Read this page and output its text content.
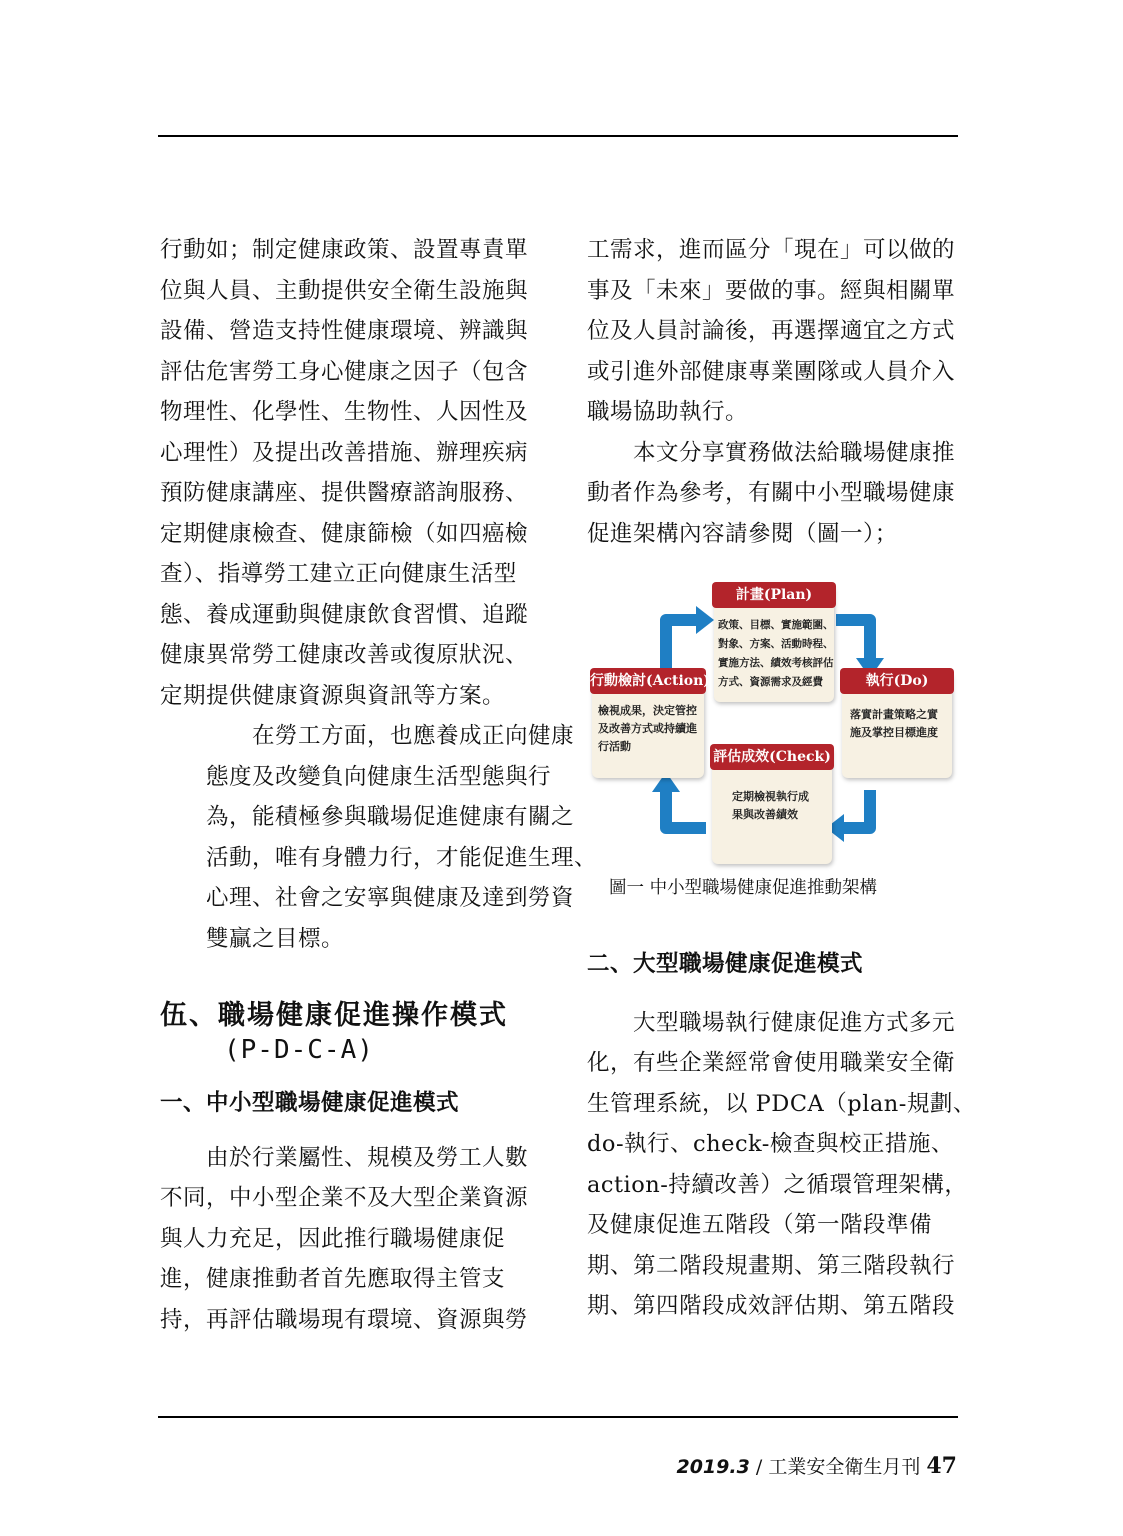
行動如；制定健康政策、設置專責單
位與人員、主動提供安全衛生設施與
設備、營造支持性健康環境、辨識與
評估危害勞工身心健康之因子（包含
物理性、化學性、生物性、人因性及
心理性）及提出改善措施、辦理疾病
預防健康講座、提供醫療諮詢服務、
定期健康檢查、健康篩檢（如四癌檢
查）、指導勞工建立正向健康生活型
態、養成運動與健康飲食習慣、追蹤
健康異常勞工健康改善或復原狀況、
定期提供健康資源與資訊等方案。

在勞工方面，也應養成正向健康
態度及改變負向健康生活型態與行
為，能積極參與職場促進健康有關之
活動，唯有身體力行，才能促進生理、
心理、社會之安寧與健康及達到勞資
雙贏之目標。

伍、職場健康促進操作模式
(P-D-C-A)
一、中小型職場健康促進模式

由於行業屬性、規模及勞工人數
不同，中小型企業不及大型企業資源
與人力充足，因此推行職場健康促
進，健康推動者首先應取得主管支
持，再評估職場現有環境、資源與勞

工需求，進而區分「現在」可以做的
事及「未來」要做的事。經與相關單
位及人員討論後，再選擇適宜之方式
或引進外部健康專業團隊或人員介入
職場協助執行。

本文分享實務做法給職場健康推
動者作為參考，有關中小型職場健康
促進架構內容請參閱（圖一）；

計畫(Plan)
政策、目標、實施範圍、
對象、方案、活動時程、
實施方法、績效考核評估
方式、資源需求及經費	執行(Do)
落實計畫策略之實
施及掌控目標進度
評估成效(Check)
定期檢視執行成
果與改善績效
行動檢討(Action)
檢視成果，決定管控
及改善方式或持續進
行活動
圖一 中小型職場健康促進推動架構
二、大型職場健康促進模式

大型職場執行健康促進方式多元
化，有些企業經常會使用職業安全衛
生管理系統，以 PDCA（plan-規劃、
do-執行、check-檢查與校正措施、
action-持續改善）之循環管理架構，
及健康促進五階段（第一階段準備
期、第二階段規畫期、第三階段執行
期、第四階段成效評估期、第五階段

2019.3 / 工業安全衛生月刊 47
